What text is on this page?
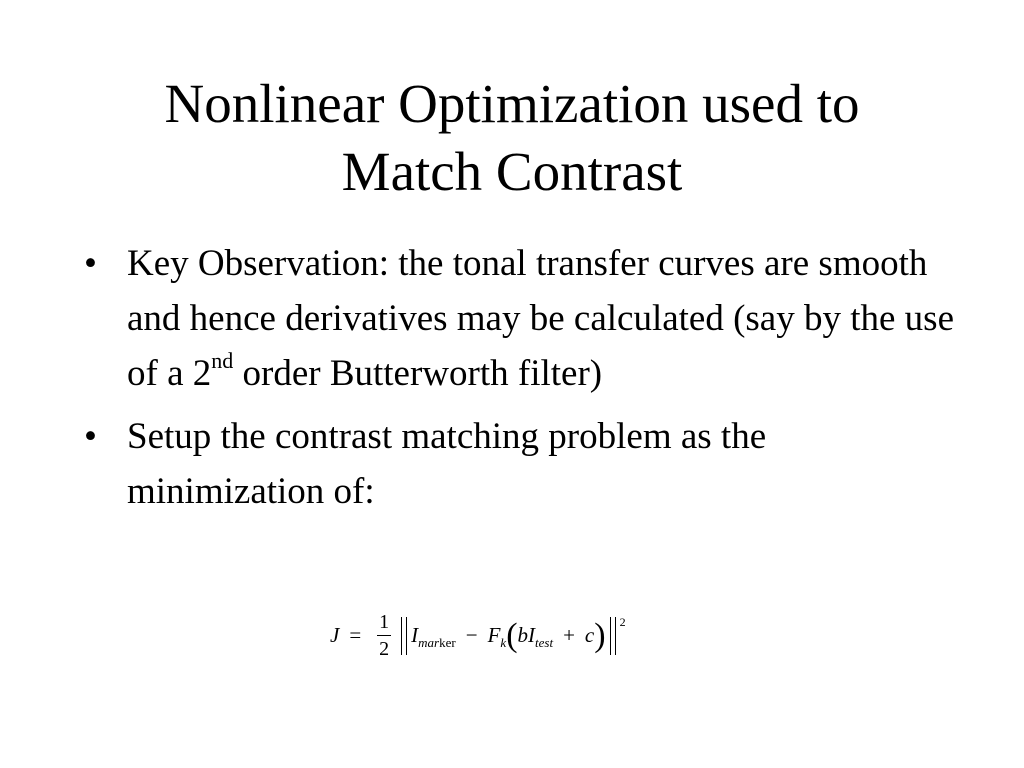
Nonlinear Optimization used to
Match Contrast
• Key Observation: the tonal transfer curves are smooth and hence derivatives may be calculated (say by the use of a 2nd order Butterworth filter)
• Setup the contrast matching problem as the minimization of:
$J = \frac{1}{2}$ I mar ker − F k ( b I test + c ) 2
